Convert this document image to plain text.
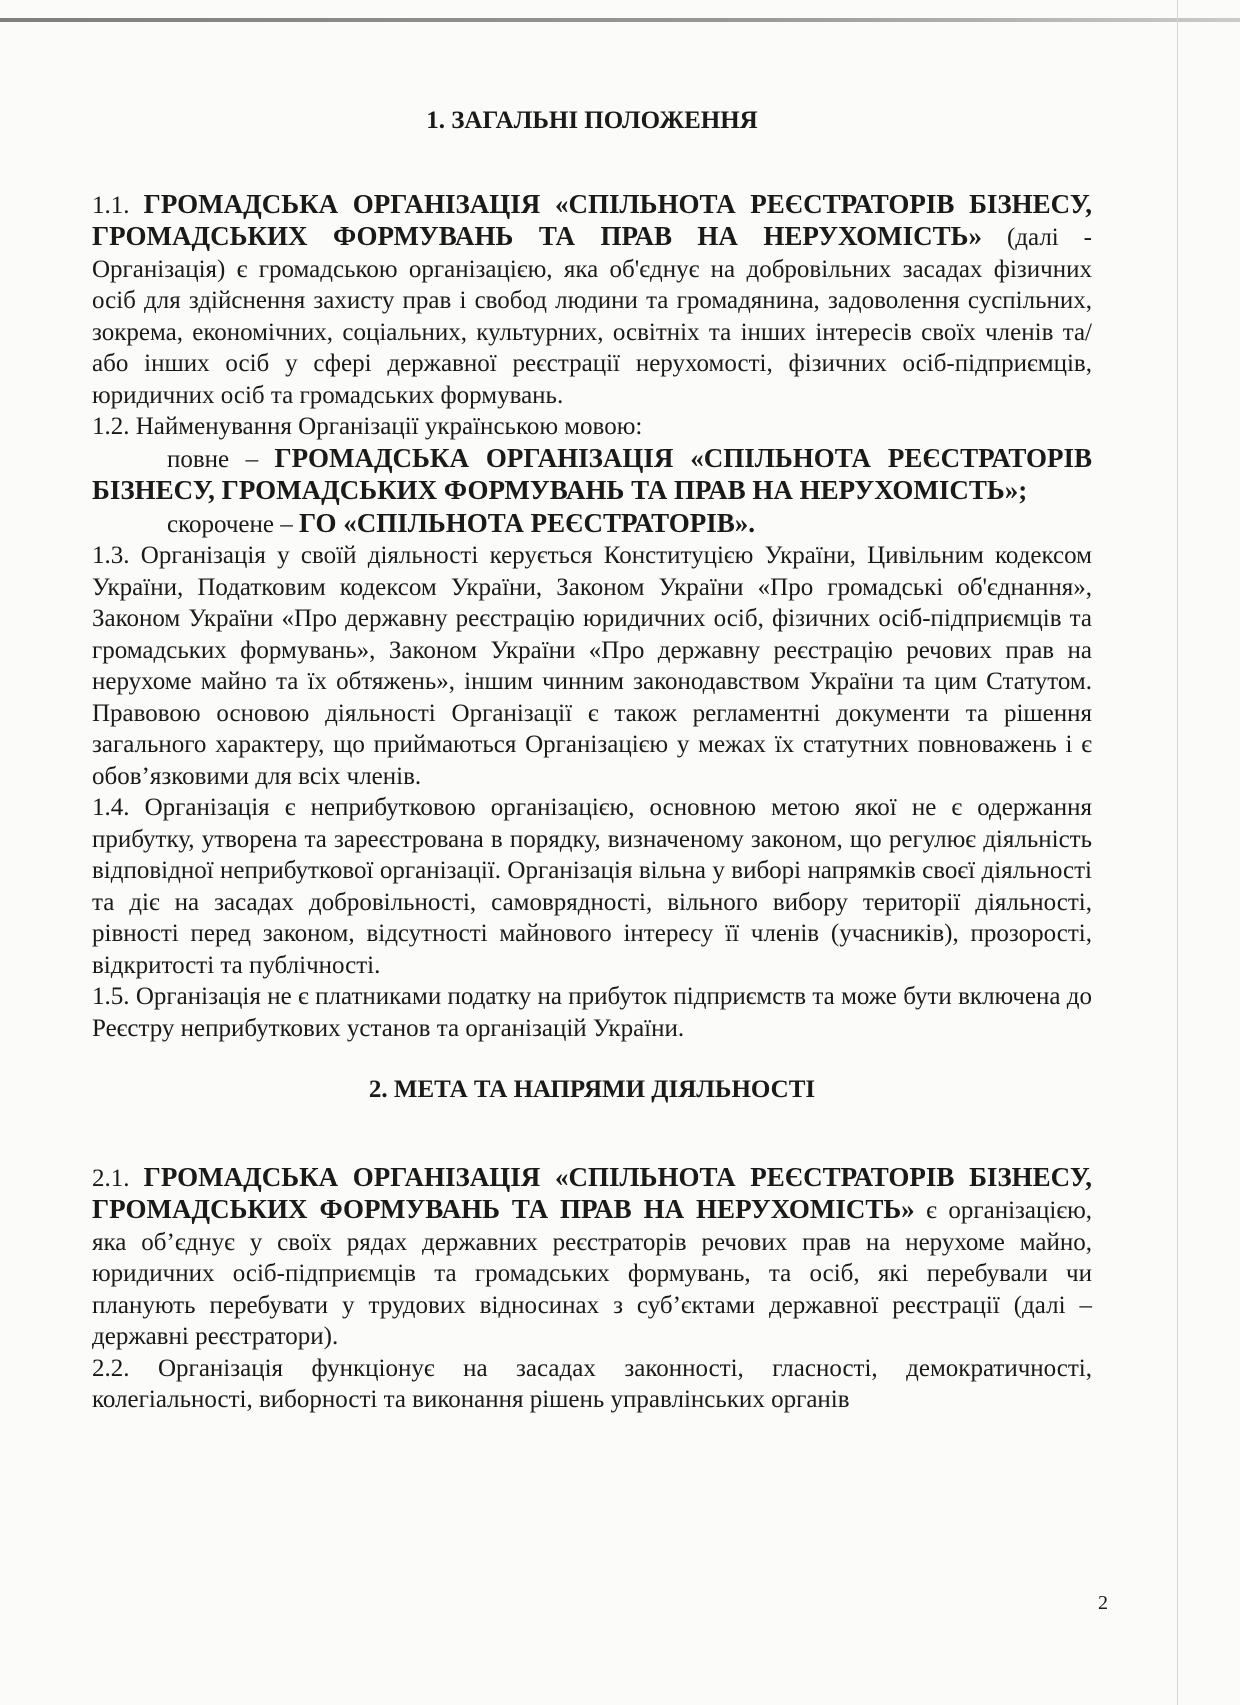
1. ЗАГАЛЬНІ ПОЛОЖЕННЯ

1.1. ГРОМАДСЬКА ОРГАНІЗАЦІЯ «СПІЛЬНОТА РЕЄСТРАТОРІВ БІЗНЕСУ, ГРОМАДСЬКИХ ФОРМУВАНЬ ТА ПРАВ НА НЕРУХОМІСТЬ» (далі - Організація) є громадською організацією, яка об'єднує на добровільних засадах фізичних осіб для здійснення захисту прав і свобод людини та громадянина, задоволення суспільних, зокрема, економічних, соціальних, культурних, освітніх та інших інтересів своїх членів та/або інших осіб у сфері державної реєстрації нерухомості, фізичних осіб-підприємців, юридичних осіб та громадських формувань.

1.2. Найменування Організації українською мовою:

повне – ГРОМАДСЬКА ОРГАНІЗАЦІЯ «СПІЛЬНОТА РЕЄСТРАТОРІВ БІЗНЕСУ, ГРОМАДСЬКИХ ФОРМУВАНЬ ТА ПРАВ НА НЕРУХОМІСТЬ»;

скорочене – ГО «СПІЛЬНОТА РЕЄСТРАТОРІВ».

1.3. Організація у своїй діяльності керується Конституцією України, Цивільним кодексом України, Податковим кодексом України, Законом України «Про громадські об'єднання», Законом України «Про державну реєстрацію юридичних осіб, фізичних осіб-підприємців та громадських формувань», Законом України «Про державну реєстрацію речових прав на нерухоме майно та їх обтяжень», іншим чинним законодавством України та цим Статутом. Правовою основою діяльності Організації є також регламентні документи та рішення загального характеру, що приймаються Організацією у межах їх статутних повноважень і є обов’язковими для всіх членів.

1.4. Організація є неприбутковою організацією, основною метою якої не є одержання прибутку, утворена та зареєстрована в порядку, визначеному законом, що регулює діяльність відповідної неприбуткової організації. Організація вільна у виборі напрямків своєї діяльності та діє на засадах добровільності, самоврядності, вільного вибору території діяльності, рівності перед законом, відсутності майнового інтересу її членів (учасників), прозорості, відкритості та публічності.

1.5. Організація не є платниками податку на прибуток підприємств та може бути включена до Реєстру неприбуткових установ та організацій України.

2. МЕТА ТА НАПРЯМИ ДІЯЛЬНОСТІ

2.1. ГРОМАДСЬКА ОРГАНІЗАЦІЯ «СПІЛЬНОТА РЕЄСТРАТОРІВ БІЗНЕСУ, ГРОМАДСЬКИХ ФОРМУВАНЬ ТА ПРАВ НА НЕРУХОМІСТЬ» є організацією, яка об’єднує у своїх рядах державних реєстраторів речових прав на нерухоме майно, юридичних осіб-підприємців та громадських формувань, та осіб, які перебували чи планують перебувати у трудових відносинах з суб’єктами державної реєстрації (далі – державні реєстратори).

2.2. Організація функціонує на засадах законності, гласності, демократичності, колегіальності, виборності та виконання рішень управлінських органів

2
